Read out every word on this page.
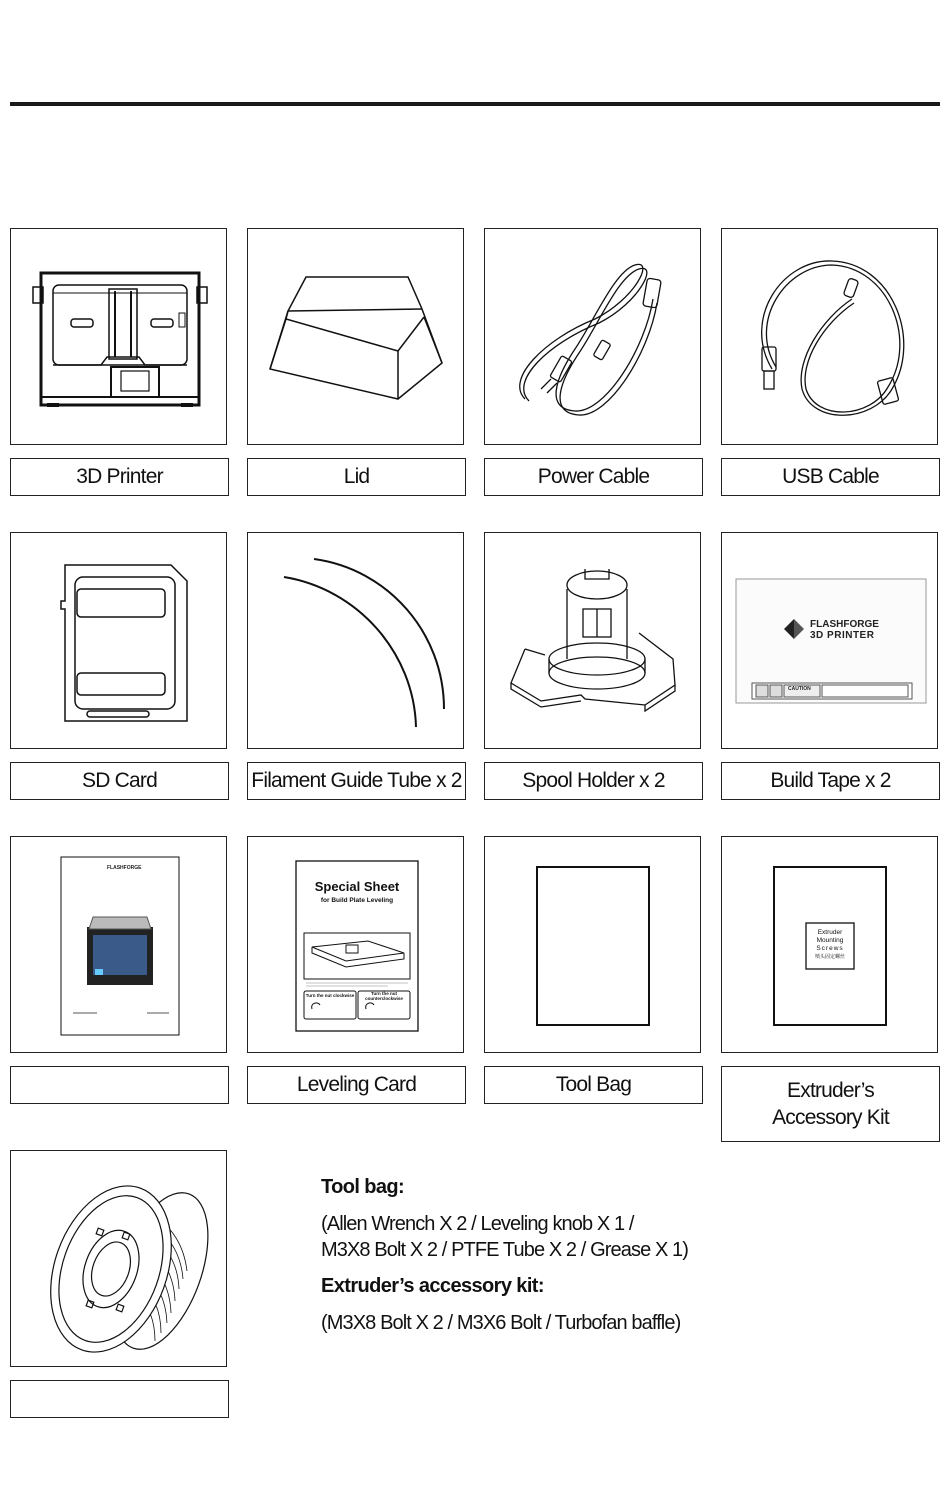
3D Printer	Lid	Power Cable	USB Cable
FLASHFORGE
3D PRINTER
CAUTION
SD Card	Filament Guide Tube x 2	Spool Holder x 2	Build Tape x 2
FLASHFORGE
Special Sheet
for Build Plate Leveling
Turn the nut clockwise	Turn the nut
counterclockwise
Extruder
Mounting
Screws
喷头固定螺丝
Leveling Card	Tool Bag	Extruder’s
Accessory Kit

Tool bag:

(Allen Wrench X 2 / Leveling knob X 1 /

M3X8 Bolt X 2 / PTFE Tube X 2 / Grease X 1)

Extruder’s accessory kit:

(M3X8 Bolt X 2 / M3X6 Bolt / Turbofan baffle)
